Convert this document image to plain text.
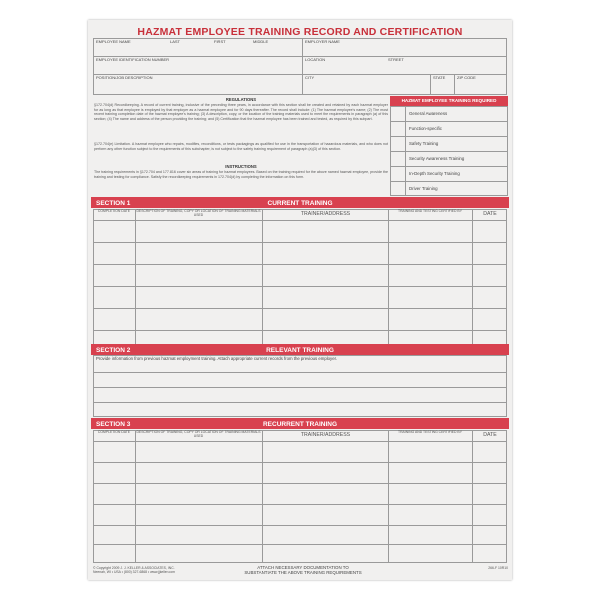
HAZMAT EMPLOYEE TRAINING RECORD AND CERTIFICATION
EMPLOYEE NAME	LAST	FIRST	MIDDLE	EMPLOYER NAME
EMPLOYEE IDENTIFICATION NUMBER	LOCATION	STREET
POSITION/JOB DESCRIPTION	CITY	STATE	ZIP CODE
REGULATIONS
§172.704(d) Recordkeeping. A record of current training, inclusive of the preceding three years, in accordance with this section shall be created and retained by each hazmat employer for as long as that employee is employed by that employer as a hazmat employee and for 90 days thereafter. The record shall include: (1) The hazmat employee's name; (2) The most recent training completion date of the hazmat employee's training; (3) A description, copy, or the location of the training materials used to meet the requirements in paragraph (a) of this section; (4) The name and address of the person providing the training; and (5) Certification that the hazmat employee has been trained and tested, as required by this subpart.
§172.704(e) Limitation. A hazmat employee who repairs, modifies, reconditions, or tests packagings as qualified for use in the transportation of hazardous materials, and who does not perform any other function subject to the requirements of this subchapter, is not subject to the safety training requirement of paragraph (a)(3) of this section.
INSTRUCTIONS
The training requirements in §172.704 and 177.816 cover six areas of training for hazmat employees. Based on the training required for the above named hazmat employee, provide the training and testing for compliance. Satisfy the recordkeeping requirements in 172.704(d) by completing the information on this form.
HAZMAT EMPLOYEE TRAINING REQUIRED
General Awareness
Function-specific
Safety Training
Security Awareness Training
In-Depth Security Training
Driver Training
SECTION 1	CURRENT TRAINING
COMPLETION DATE	DESCRIPTION OF TRAINING, COPY OR LOCATION OF TRAINING MATERIALS USED	TRAINER/ADDRESS	TRAINING AND TESTING CERTIFIED BY	DATE
SECTION 2	RELEVANT TRAINING
Provide information from previous hazmat employment training. Attach appropriate current records from the previous employer.
SECTION 3	RECURRENT TRAINING
COMPLETION DATE	DESCRIPTION OF TRAINING, COPY OR LOCATION OF TRAINING MATERIALS USED	TRAINER/ADDRESS	TRAINING AND TESTING CERTIFIED BY	DATE
© Copyright 2009 J. J. KELLER & ASSOCIATES, INC.
Neenah, WI • USA • (800) 327-6868 • www.jjkeller.com
ATTACH NECESSARY DOCUMENTATION TO
SUBSTANTIATE THE ABOVE TRAINING REQUIREMENTS
266-F 10R10
